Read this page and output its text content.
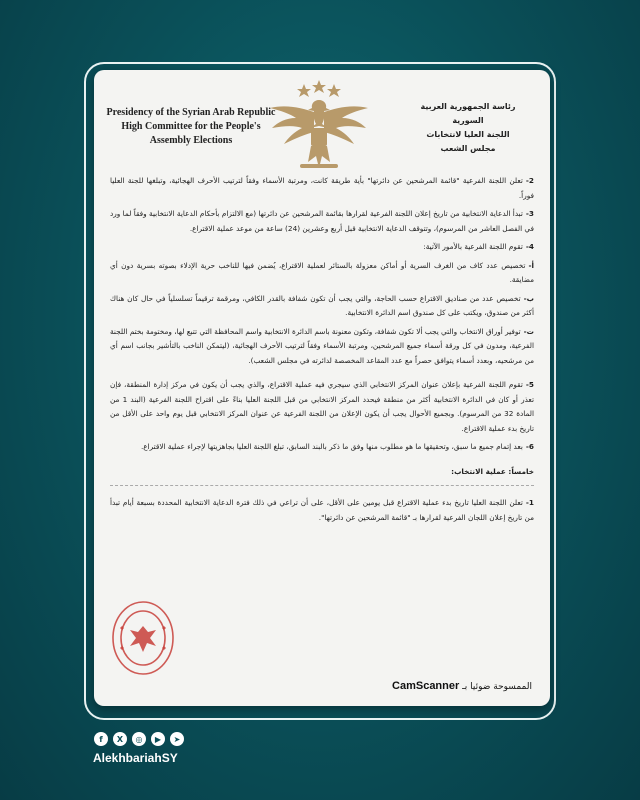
Presidency of the Syrian Arab Republic
High Committee for the People's
Assembly Elections
رئاسة الجمهورية العربية السورية
اللجنة العليا لانتخابات
مجلس الشعب

2-تعلن اللجنة الفرعية "قائمة المرشحين عن دائرتها" بأية طريقة كانت، ومرتبة الأسماء وفقاً لترتيب الأحرف الهجائية، وتبلغها للجنة العليا فوراً.

3-تبدأ الدعاية الانتخابية من تاريخ إعلان اللجنة الفرعية لقرارها بقائمة المرشحين عن دائرتها (مع الالتزام بأحكام الدعاية الانتخابية وفقاً لما ورد في الفصل العاشر من المرسوم)، وتتوقف الدعاية الانتخابية قبل أربع وعشرين (24) ساعة من موعد عملية الاقتراع.

4-تقوم اللجنة الفرعية بالأمور الآتية:

أ-تخصيص عدد كاف من الغرف السرية أو أماكن معزولة بالستائر لعملية الاقتراع، يُضمن فيها للناخب حرية الإدلاء بصوته بسرية دون أي مضايقة.

ب-تخصيص عدد من صناديق الاقتراع حسب الحاجة، والتي يجب أن تكون شفافة بالقدر الكافي، ومرقمة ترقيماً تسلسلياً في حال كان هناك أكثر من صندوق، ويكتب على كل صندوق اسم الدائرة الانتخابية.

ت-توفير أوراق الانتخاب والتي يجب ألا تكون شفافة، وتكون معنونة باسم الدائرة الانتخابية واسم المحافظة التي تتبع لها، ومختومة بختم اللجنة الفرعية، ومدون في كل ورقة أسماء جميع المرشحين، ومرتبة الأسماء وفقاً لترتيب الأحرف الهجائية، (ليتمكن الناخب بالتأشير بجانب اسم أي من مرشحيه، وبعدد أسماء يتوافق حصراً مع عدد المقاعد المخصصة لدائرته في مجلس الشعب).

5-تقوم اللجنة الفرعية بإعلان عنوان المركز الانتخابي الذي سيجري فيه عملية الاقتراع، والذي يجب أن يكون في مركز إدارة المنطقة، فإن تعذر أو كان في الدائرة الانتخابية أكثر من منطقة فيحدد المركز الانتخابي من قبل اللجنة العليا بناءً على اقتراح اللجنة الفرعية (البند 1 من المادة 32 من المرسوم). وبجميع الأحوال يجب أن يكون الإعلان من اللجنة الفرعية عن عنوان المركز الانتخابي قبل يوم واحد على الأقل من تاريخ بدء عملية الاقتراع.

6-بعد إتمام جميع ما سبق، وتحقيقها ما هو مطلوب منها وفق ما ذكر بالبند السابق، تبلغ اللجنة العليا بجاهزيتها لإجراء عملية الاقتراع.

خامساً: عملية الانتخاب:

1-تعلن اللجنة العليا تاريخ بدء عملية الاقتراع قبل يومين على الأقل، على أن تراعي في ذلك فترة الدعاية الانتخابية المحددة بسبعة أيام تبدأ من تاريخ إعلان اللجان الفرعية لقرارها بـ "قائمة المرشحين عن دائرتها".

الممسوحة ضوئيا بـ CamScanner
f	X	◎	▶	➤
AlekhbariahSY
